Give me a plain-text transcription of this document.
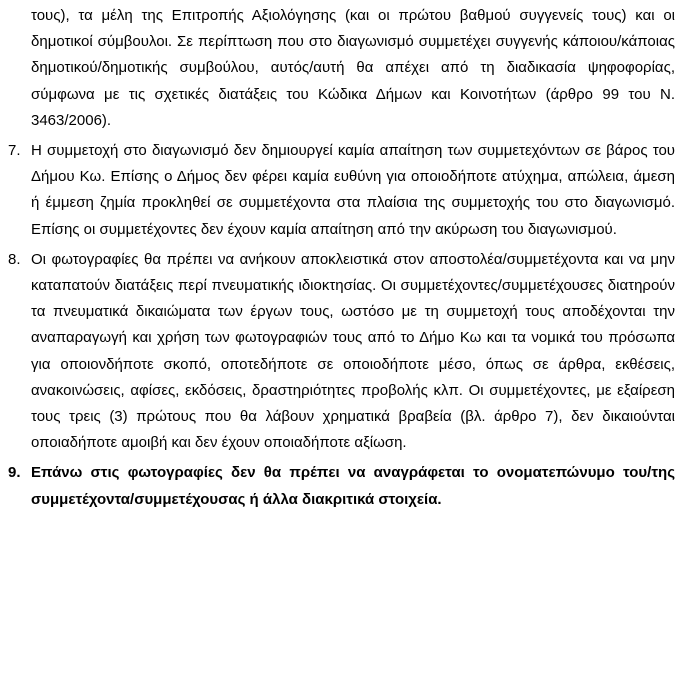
τους), τα μέλη της Επιτροπής Αξιολόγησης (και οι πρώτου βαθμού συγγενείς τους) και οι δημοτικοί σύμβουλοι. Σε περίπτωση που στο διαγωνισμό συμμετέχει συγγενής κάποιου/κάποιας δημοτικού/δημοτικής συμβούλου, αυτός/αυτή θα απέχει από τη διαδικασία ψηφοφορίας, σύμφωνα με τις σχετικές διατάξεις του Κώδικα Δήμων και Κοινοτήτων (άρθρο 99 του Ν. 3463/2006).

7. Η συμμετοχή στο διαγωνισμό δεν δημιουργεί καμία απαίτηση των συμμετεχόντων σε βάρος του Δήμου Κω. Επίσης ο Δήμος δεν φέρει καμία ευθύνη για οποιοδήποτε ατύχημα, απώλεια, άμεση ή έμμεση ζημία προκληθεί σε συμμετέχοντα στα πλαίσια της συμμετοχής του στο διαγωνισμό. Επίσης οι συμμετέχοντες δεν έχουν καμία απαίτηση από την ακύρωση του διαγωνισμού.
8. Οι φωτογραφίες θα πρέπει να ανήκουν αποκλειστικά στον αποστολέα/συμμετέχοντα και να μην καταπατούν διατάξεις περί πνευματικής ιδιοκτησίας. Οι συμμετέχοντες/συμμετέχουσες διατηρούν τα πνευματικά δικαιώματα των έργων τους, ωστόσο με τη συμμετοχή τους αποδέχονται την αναπαραγωγή και χρήση των φωτογραφιών τους από το Δήμο Κω και τα νομικά του πρόσωπα για οποιονδήποτε σκοπό, οποτεδήποτε σε οποιοδήποτε μέσο, όπως σε άρθρα, εκθέσεις, ανακοινώσεις, αφίσες, εκδόσεις, δραστηριότητες προβολής κλπ. Οι συμμετέχοντες, με εξαίρεση τους τρεις (3) πρώτους που θα λάβουν χρηματικά βραβεία (βλ. άρθρο 7), δεν δικαιούνται οποιαδήποτε αμοιβή και δεν έχουν οποιαδήποτε αξίωση.
9. Επάνω στις φωτογραφίες δεν θα πρέπει να αναγράφεται το ονοματεπώνυμο του/της συμμετέχοντα/συμμετέχουσας ή άλλα διακριτικά στοιχεία.
